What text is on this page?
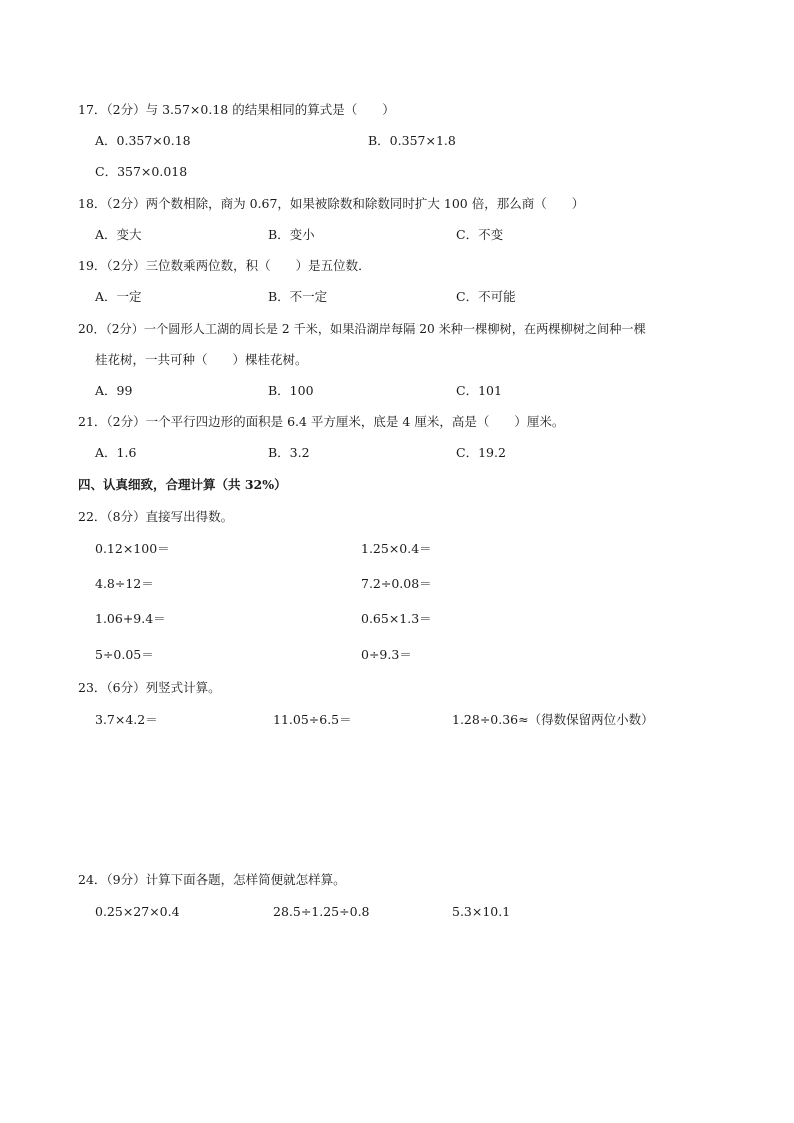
17．（2分）与 3.57×0.18 的结果相同的算式是（　　）
A．0.357×0.18	B．0.357×1.8
C．357×0.018
18．（2分）两个数相除，商为 0.67，如果被除数和除数同时扩大 100 倍，那么商（　　）
A．变大	B．变小	C．不变
19．（2分）三位数乘两位数，积（　　）是五位数．
A．一定	B．不一定	C．不可能
20．（2分）一个圆形人工湖的周长是 2 千米，如果沿湖岸每隔 20 米种一棵柳树，在两棵柳树之间种一棵
桂花树，一共可种（　　）棵桂花树。
A．99	B．100	C．101
21．（2分）一个平行四边形的面积是 6.4 平方厘米，底是 4 厘米，高是（　　）厘米。
A．1.6	B．3.2	C．19.2
四、认真细致，合理计算（共 32%）
22．（8分）直接写出得数。
0.12×100＝	1.25×0.4＝
4.8÷12＝	7.2÷0.08＝
1.06+9.4＝	0.65×1.3＝
5÷0.05＝	0÷9.3＝
23．（6分）列竖式计算。
3.7×4.2＝	11.05÷6.5＝	1.28÷0.36≈（得数保留两位小数）
24．（9分）计算下面各题，怎样简便就怎样算。
0.25×27×0.4	28.5÷1.25÷0.8	5.3×10.1
